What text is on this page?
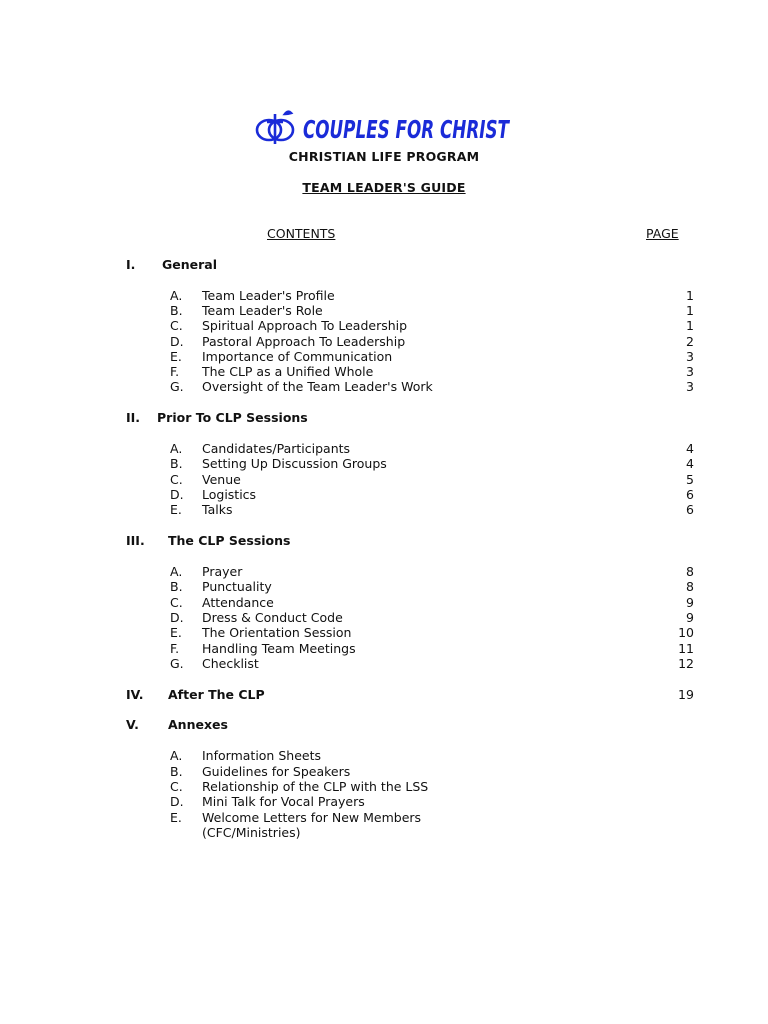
COUPLES FOR CHRIST
CHRISTIAN LIFE PROGRAM
TEAM LEADER'S GUIDE
CONTENTS	PAGE
I. General
A. Team Leader's Profile	1
B. Team Leader's Role	1
C. Spiritual Approach To Leadership	1
D. Pastoral Approach To Leadership	2
E. Importance of Communication	3
F. The CLP as a Unified Whole	3
G. Oversight of the Team Leader's Work	3
II. Prior To CLP Sessions
A. Candidates/Participants	4
B. Setting Up Discussion Groups	4
C. Venue	5
D. Logistics	6
E. Talks	6
III. The CLP Sessions
A. Prayer	8
B. Punctuality	8
C. Attendance	9
D. Dress & Conduct Code	9
E. The Orientation Session	10
F. Handling Team Meetings	11
G. Checklist	12
IV. After The CLP	19
V. Annexes
A. Information Sheets
B. Guidelines for Speakers
C. Relationship of the CLP with the LSS
D. Mini Talk for Vocal Prayers
E. Welcome Letters for New Members
(CFC/Ministries)
